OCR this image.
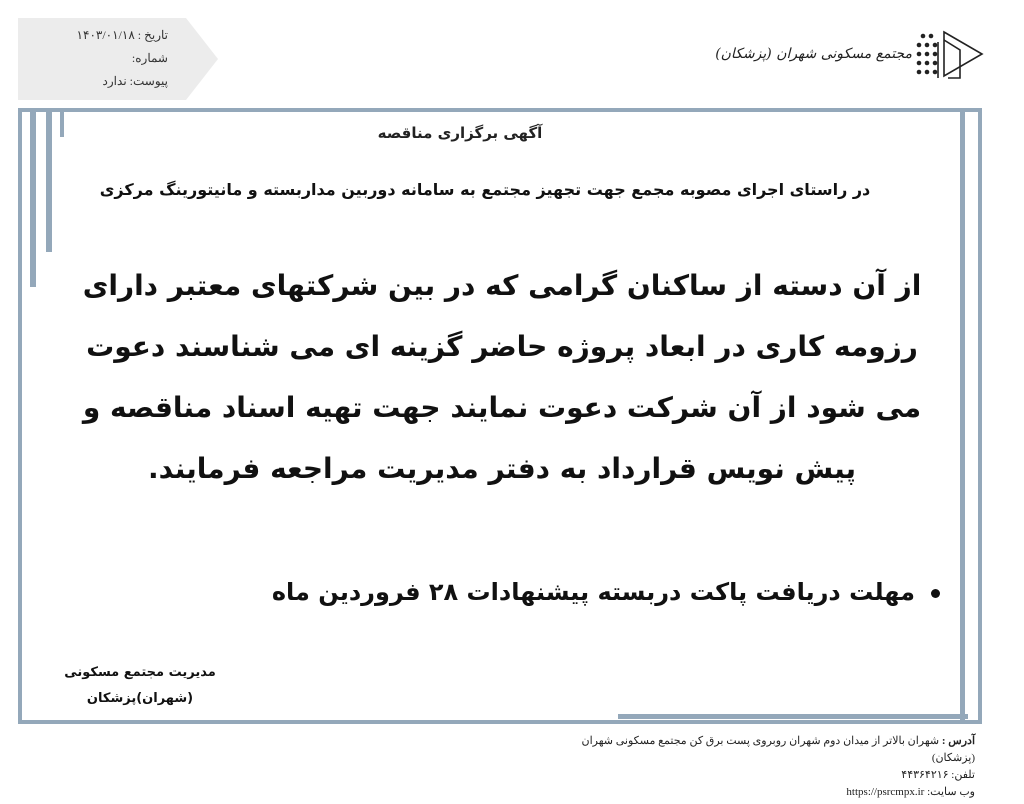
تاریخ : ۱۴۰۳/۰۱/۱۸
شماره:
پیوست: ندارد
مجتمع مسکونی شهران (پزشکان)
آگهی برگزاری مناقصه
در راستای اجرای مصوبه مجمع جهت تجهیز مجتمع به سامانه دوربین مداربسته و مانیتورینگ مرکزی
از آن دسته از ساکنان گرامی که در بین شرکتهای معتبر دارای رزومه کاری در ابعاد پروژه حاضر گزینه ای می شناسند دعوت می شود از آن شرکت دعوت نمایند جهت تهیه اسناد مناقصه و پیش نویس قرارداد به دفتر مدیریت مراجعه فرمایند.
مهلت دریافت پاکت دربسته پیشنهادات ۲۸ فروردین ماه
مدیریت مجتمع مسکونی
(شهران)پزشکان
آدرس : شهران بالاتر از میدان دوم شهران روبروی پست برق کن مجتمع مسکونی شهران (پزشکان)
تلفن: ۴۴۳۶۴۲۱۶
وب سایت: https://psrcmpx.ir
